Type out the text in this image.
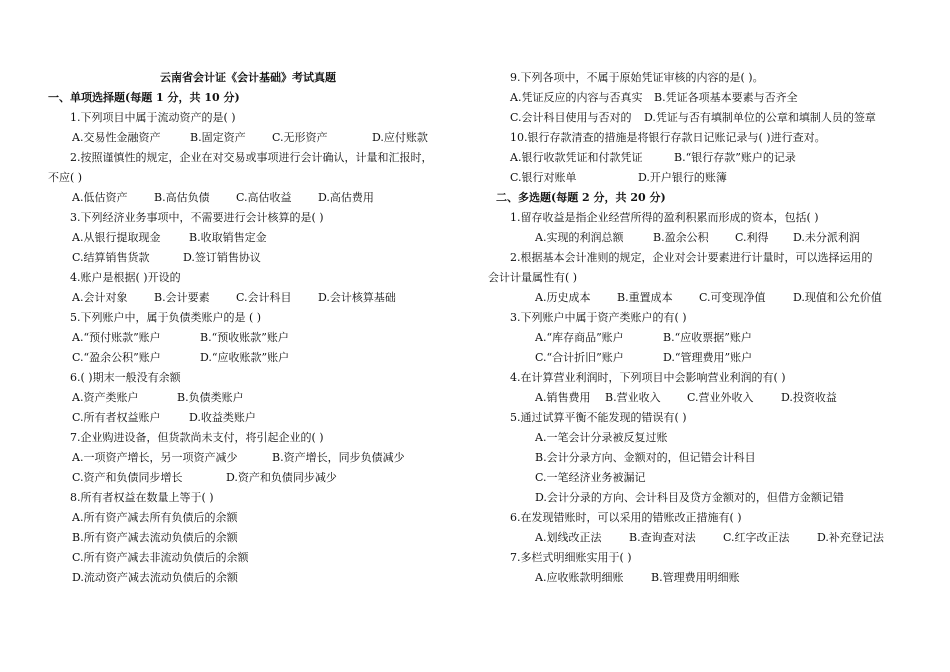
云南省会计证《会计基础》考试真题
一、单项选择题(每题 1 分，共 10 分)
1.下列项目中属于流动资产的是( )
A.交易性金融资产	B.固定资产 C.无形资产	D.应付账款
2.按照谨慎性的规定，企业在对交易或事项进行会计确认，计量和汇报时，
不应( )
A.低估资产 B.高估负债 C.高估收益 D.高估费用
3.下列经济业务事项中，不需要进行会计核算的是( )
A.从银行提取现金	B.收取销售定金
C.结算销售货款	D.签订销售协议
4.账户是根据( )开设的
A.会计对象 B.会计要素 C.会计科目 D.会计核算基础
5.下列账户中，属于负债类账户的是 ( )
A.“预付账款”账户	B.“预收账款”账户
C.“盈余公积”账户	D.“应收账款”账户
6.( )期末一般没有余额
A.资产类账户	B.负债类账户
C.所有者权益账户	D.收益类账户
7.企业购进设备，但货款尚未支付，将引起企业的( )
A.一项资产增长，另一项资产减少	B.资产增长，同步负债减少
C.资产和负债同步增长	D.资产和负债同步减少
8.所有者权益在数量上等于( )
A.所有资产减去所有负债后的余额
B.所有资产减去流动负债后的余额
C.所有资产减去非流动负债后的余额
D.流动资产减去流动负债后的余额
9.下列各项中，不属于原始凭证审核的内容的是( )。
A.凭证反应的内容与否真实 B.凭证各项基本要素与否齐全
C.会计科目使用与否对的 D.凭证与否有填制单位的公章和填制人员的签章
10.银行存款清查的措施是将银行存款日记账记录与( )进行查对。
A.银行收款凭证和付款凭证	B.“银行存款”账户的记录
C.银行对账单	D.开户银行的账簿
二、多选题(每题 2 分，共 20 分)
1.留存收益是指企业经营所得的盈利积累而形成的资本，包括( )
A.实现的利润总额	B.盈余公积 C.利得 D.未分派利润
2.根据基本会计准则的规定，企业对会计要素进行计量时，可以选择运用的
会计计量属性有( )
A.历史成本 B.重置成本 C.可变现净值 D.现值和公允价值
3.下列账户中属于资产类账户的有( )
A.“库存商品”账户	B.“应收票据”账户
C.“合计折旧”账户	D.“管理费用”账户
4.在计算营业利润时，下列项目中会影响营业利润的有( )
A.销售费用 B.营业收入 C.营业外收入 D.投资收益
5.通过试算平衡不能发现的错误有( )
A.一笔会计分录被反复过账
B.会计分录方向、金额对的，但记错会计科目
C.一笔经济业务被漏记
D.会计分录的方向、会计科目及贷方金额对的，但借方金额记错
6.在发现错账时，可以采用的错账改正措施有( )
A.划线改正法	B.查询查对法 C.红字改正法 D.补充登记法
7.多栏式明细账实用于( )
A.应收账款明细账	B.管理费用明细账
